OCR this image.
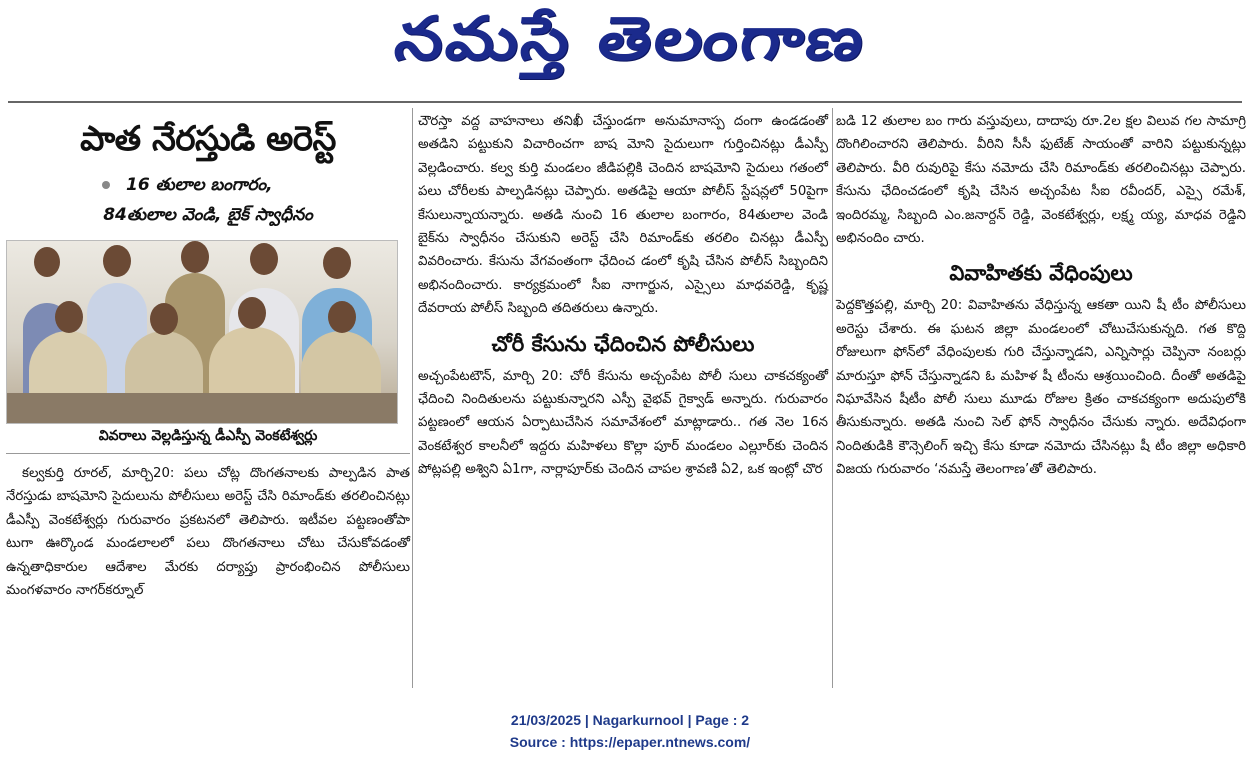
నమస్తే తెలంగాణ
పాత నేరస్తుడి అరెస్ట్
16 తులాల బంగారం,
84తులాల వెండి, బైక్ స్వాధీనం
వివరాలు వెల్లడిస్తున్న డీఎస్పీ వెంకటేశ్వర్లు
కల్వకుర్తి రూరల్, మార్చి20: పలు చోట్ల దొంగతనాలకు పాల్పడిన పాత నేరస్తుడు బాషమోని సైదులును పోలీసులు అరెస్ట్ చేసి రిమాండ్‌కు తరలించినట్లు డీఎస్పీ వెంకటేశ్వర్లు గురువారం ప్రకటనలో తెలిపారు. ఇటీవల పట్టణంతోపా టుగా ఊర్కొండ మండలాలలో పలు దొంగతనాలు చోటు చేసుకోవడంతో ఉన్నతాధికారుల ఆదేశాల మేరకు దర్యాప్తు ప్రారంభించిన పోలీసులు మంగళవారం నాగర్‌కర్నూల్
చౌరస్తా వద్ద వాహనాలు తనిఖీ చేస్తుండగా అనుమానాస్ప దంగా ఉండడంతో అతడిని పట్టుకుని విచారించగా బాష మోని సైదులుగా గుర్తించినట్లు డీఎస్పీ వెల్లడించారు. కల్వ కుర్తి మండలం జీడిపల్లికి చెందిన బాషమోని సైదులు గతంలో పలు చోరీలకు పాల్పడినట్లు చెప్పారు. అతడిపై ఆయా పోలీస్ స్టేషన్లలో 50పైగా కేసులున్నాయన్నారు. అతడి నుంచి 16 తులాల బంగారం, 84తులాల వెండి బైక్‌ను స్వాధీనం చేసుకుని అరెస్ట్ చేసి రిమాండ్‌కు తరలిం చినట్లు డీఎస్పీ వివరించారు. కేసును వేగవంతంగా ఛేదించ డంలో కృషి చేసిన పోలీస్ సిబ్బందిని అభినందించారు. కార్యక్రమంలో సీఐ నాగార్జున, ఎస్సైలు మాధవరెడ్డి, కృష్ణ దేవరాయ పోలీస్ సిబ్బంది తదితరులు ఉన్నారు.
చోరీ కేసును ఛేదించిన పోలీసులు
అచ్చంపేటటౌన్, మార్చి 20: చోరీ కేసును అచ్చంపేట పోలీ సులు చాకచక్యంతో ఛేదించి నిందితులను పట్టుకున్నారని ఎస్పీ వైభవ్ గైక్వాడ్ అన్నారు. గురువారం పట్టణంలో ఆయన ఏర్పాటుచేసిన సమావేశంలో మాట్లాడారు.. గత నెల 16న వెంకటేశ్వర కాలనీలో ఇద్దరు మహిళలు కొల్లా పూర్ మండలం ఎల్లూర్‌కు చెందిన పోట్లపల్లి అశ్విని ఏ1గా, నార్లాపూర్‌కు చెందిన చాపల శ్రావణి ఏ2, ఒక ఇంట్లో చొర
బడి 12 తులాల బం గారు వస్తువులు, దాదాపు రూ.2ల క్షల విలువ గల సామాగ్రి దొంగిలించారని తెలిపారు. వీరిని సీసీ ఫుటేజ్ సాయంతో వారిని పట్టుకున్నట్లు తెలిపారు. వీరి రువురిపై కేసు నమోదు చేసి రిమాండ్‌కు తరలించినట్లు చెప్పారు. కేసును ఛేదించడంలో కృషి చేసిన అచ్చంపేట సీఐ రవీందర్, ఎస్సై రమేశ్, ఇందిరమ్మ, సిబ్బంది ఎం.జనార్దన్ రెడ్డి, వెంకటేశ్వర్లు, లక్ష్మ య్య, మాధవ రెడ్డిని అభినందిం చారు.
వివాహితకు వేధింపులు
పెద్దకొత్తపల్లి, మార్చి 20: వివాహితను వేధిస్తున్న ఆకతా యిని షీ టీం పోలీసులు అరెస్టు చేశారు. ఈ ఘటన జిల్లా మండలంలో చోటుచేసుకున్నది. గత కొద్ది రోజులుగా ఫోన్‌లో వేధింపులకు గురి చేస్తున్నాడని, ఎన్నిసార్లు చెప్పినా నంబర్లు మారుస్తూ ఫోన్ చేస్తున్నాడని ఓ మహిళ షీ టీంను ఆశ్రయించింది. దీంతో అతడిపై నిఘావేసిన షీటీం పోలీ సులు మూడు రోజుల క్రితం చాకచక్యంగా అదుపులోకి తీసుకున్నారు. అతడి నుంచి సెల్ ఫోన్ స్వాధీనం చేసుకు న్నారు. అదేవిధంగా నిందితుడికి కౌన్సెలింగ్ ఇచ్చి కేసు కూడా నమోదు చేసినట్లు షీ టీం జిల్లా అధికారి విజయ గురువారం ‘నమస్తే తెలంగాణ’తో తెలిపారు.
21/03/2025 | Nagarkurnool | Page : 2
Source : https://epaper.ntnews.com/
